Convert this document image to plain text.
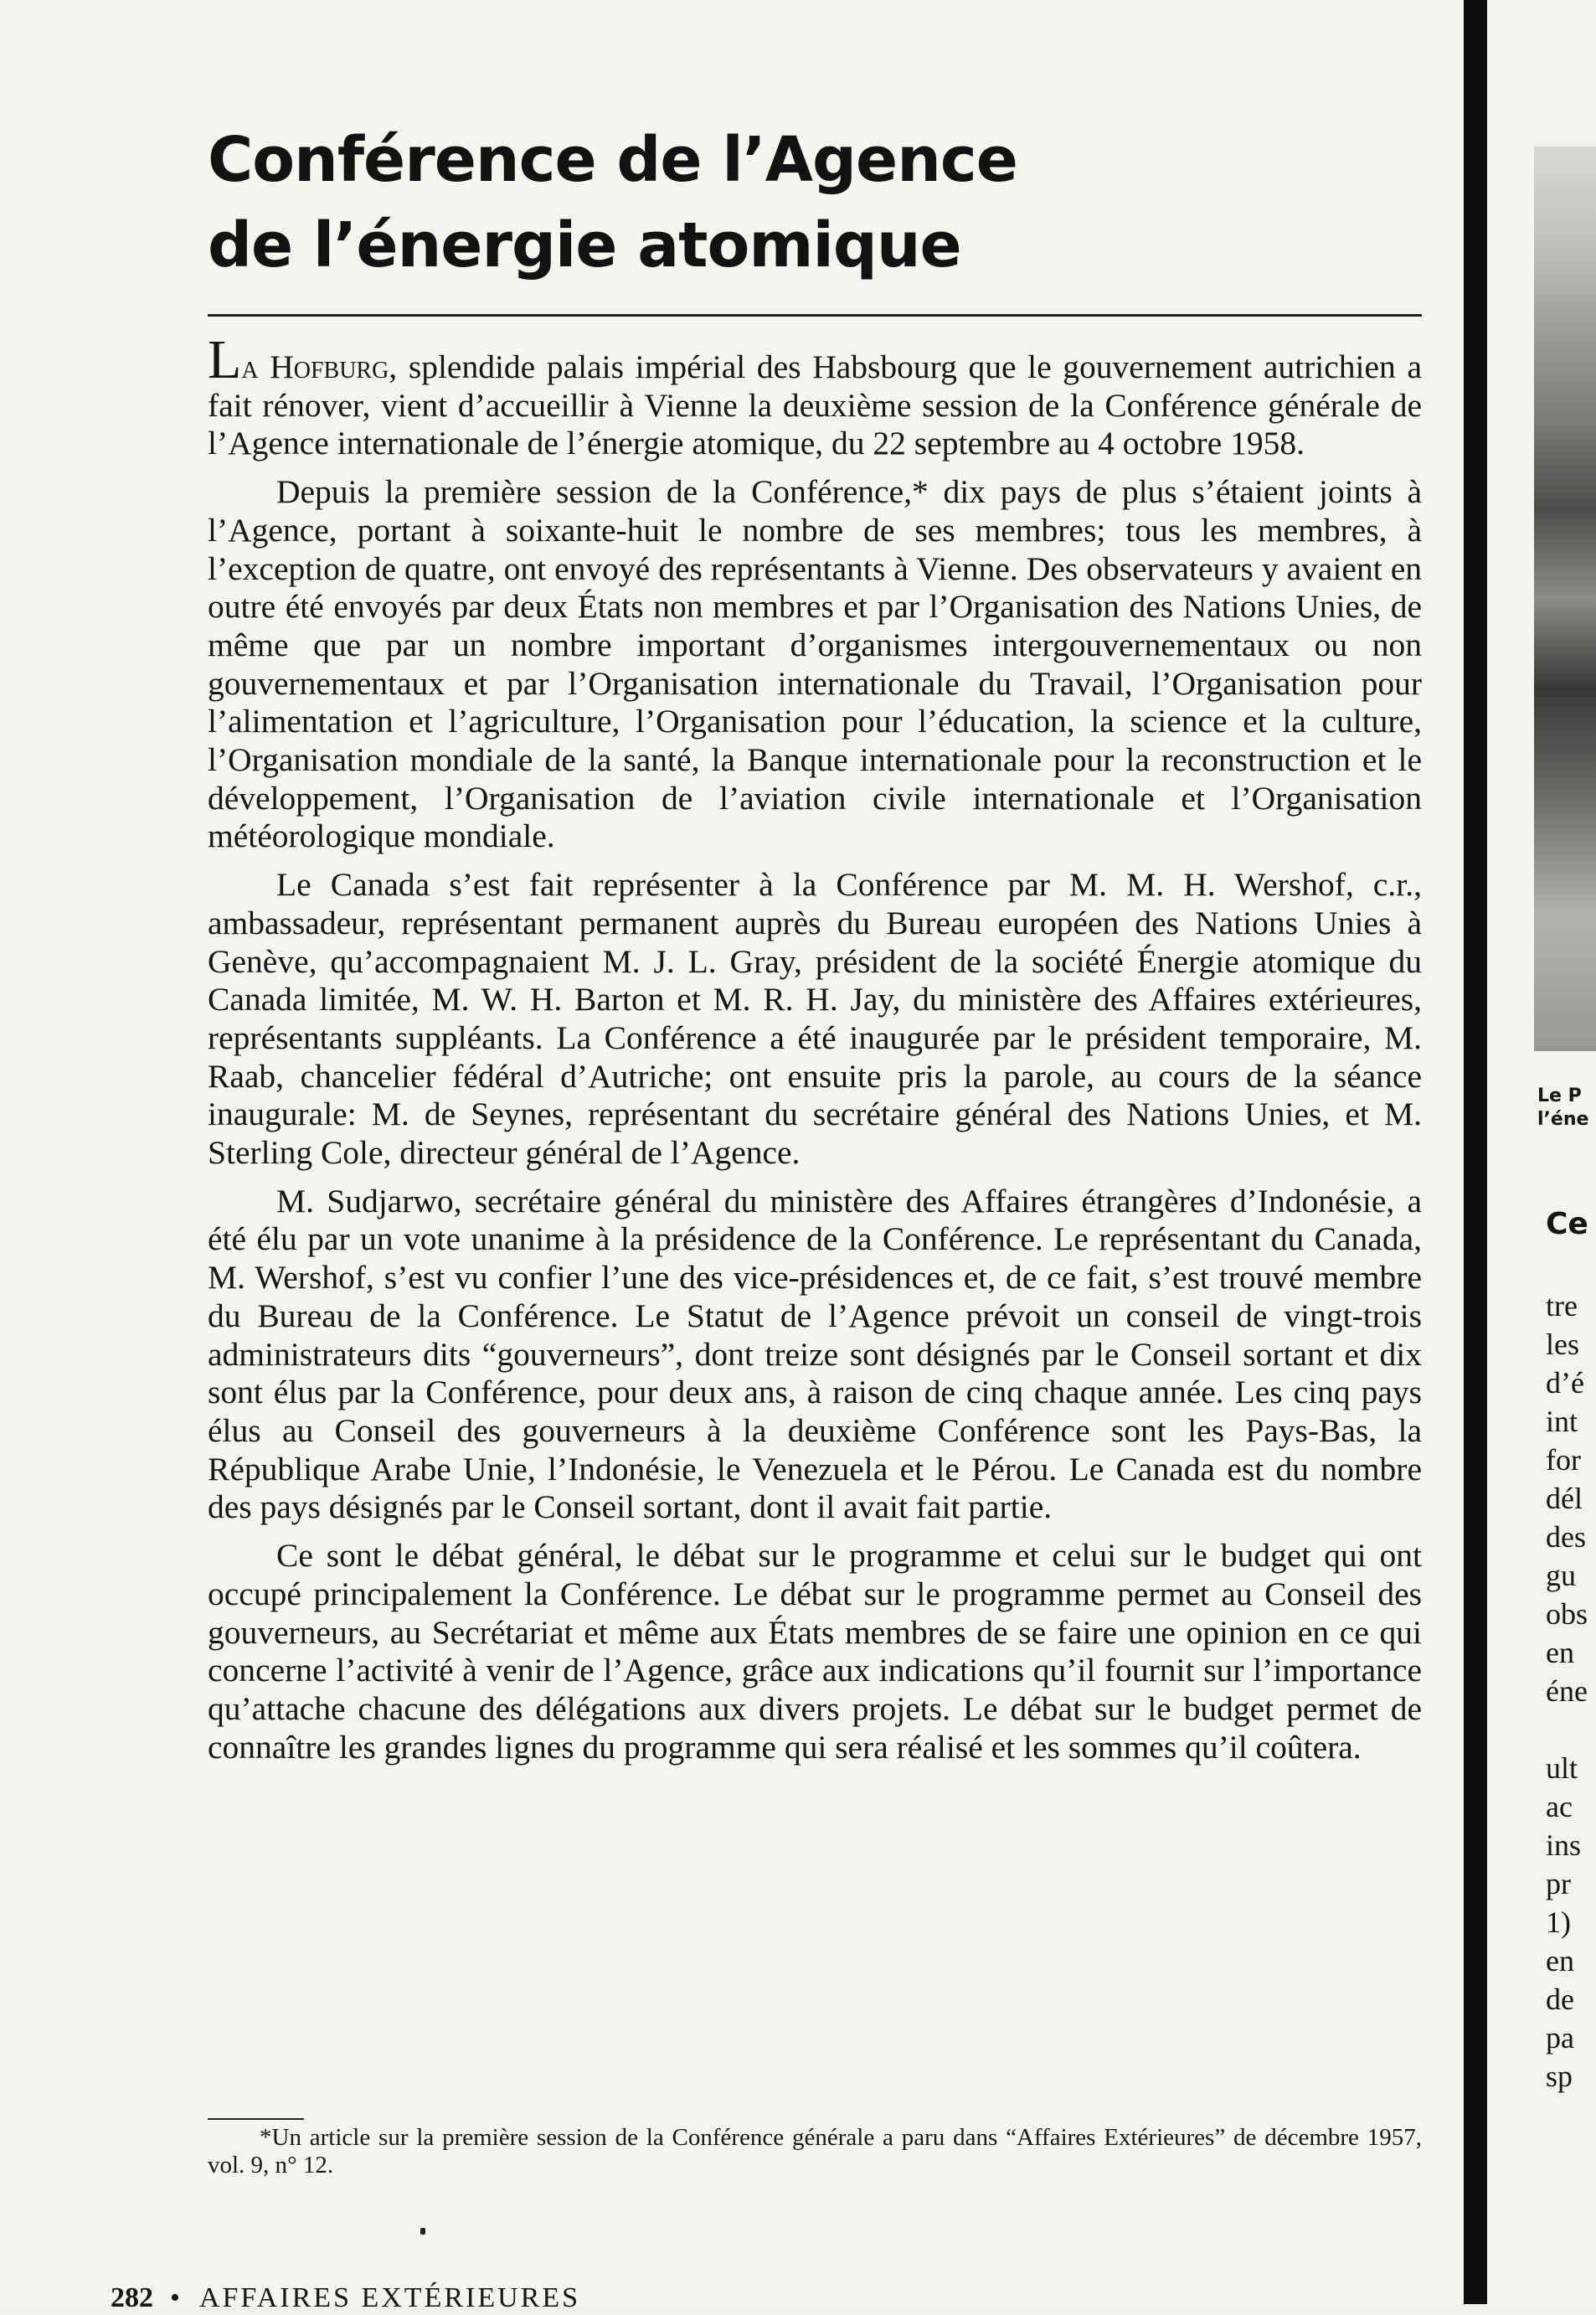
Conférence de l’Agence
de l’énergie atomique

La Hofburg, splendide palais impérial des Habsbourg que le gouvernement autrichien a fait rénover, vient d’accueillir à Vienne la deuxième session de la Conférence générale de l’Agence internationale de l’énergie atomique, du 22 septembre au 4 octobre 1958.

Depuis la première session de la Conférence,* dix pays de plus s’étaient joints à l’Agence, portant à soixante-huit le nombre de ses membres; tous les membres, à l’exception de quatre, ont envoyé des représentants à Vienne. Des observateurs y avaient en outre été envoyés par deux États non membres et par l’Organisation des Nations Unies, de même que par un nombre important d’organismes intergouvernementaux ou non gouvernementaux et par l’Organisation internationale du Travail, l’Organisation pour l’alimentation et l’agriculture, l’Organisation pour l’éducation, la science et la culture, l’Organisation mondiale de la santé, la Banque internationale pour la reconstruction et le développement, l’Organisation de l’aviation civile internationale et l’Organisation météorologique mondiale.

Le Canada s’est fait représenter à la Conférence par M. M. H. Wershof, c.r., ambassadeur, représentant permanent auprès du Bureau européen des Nations Unies à Genève, qu’accompagnaient M. J. L. Gray, président de la société Énergie atomique du Canada limitée, M. W. H. Barton et M. R. H. Jay, du ministère des Affaires extérieures, représentants suppléants. La Conférence a été inaugurée par le président temporaire, M. Raab, chancelier fédéral d’Autriche; ont ensuite pris la parole, au cours de la séance inaugurale: M. de Seynes, représentant du secrétaire général des Nations Unies, et M. Sterling Cole, directeur général de l’Agence.

M. Sudjarwo, secrétaire général du ministère des Affaires étrangères d’Indonésie, a été élu par un vote unanime à la présidence de la Conférence. Le représentant du Canada, M. Wershof, s’est vu confier l’une des vice-présidences et, de ce fait, s’est trouvé membre du Bureau de la Conférence. Le Statut de l’Agence prévoit un conseil de vingt-trois administrateurs dits “gouverneurs”, dont treize sont désignés par le Conseil sortant et dix sont élus par la Conférence, pour deux ans, à raison de cinq chaque année. Les cinq pays élus au Conseil des gouverneurs à la deuxième Conférence sont les Pays-Bas, la République Arabe Unie, l’Indonésie, le Venezuela et le Pérou. Le Canada est du nombre des pays désignés par le Conseil sortant, dont il avait fait partie.

Ce sont le débat général, le débat sur le programme et celui sur le budget qui ont occupé principalement la Conférence. Le débat sur le programme permet au Conseil des gouverneurs, au Secrétariat et même aux États membres de se faire une opinion en ce qui concerne l’activité à venir de l’Agence, grâce aux indications qu’il fournit sur l’importance qu’attache chacune des délégations aux divers projets. Le débat sur le budget permet de connaître les grandes lignes du programme qui sera réalisé et les sommes qu’il coûtera.

*Un article sur la première session de la Conférence générale a paru dans “Affaires Extérieures” de décembre 1957, vol. 9, n° 12.

282 • AFFAIRES EXTÉRIEURES
Le P
l’éne
Ce
tre
les
d’é
int
for
dél
des
gu
obs
en
éne

ult
ac
ins
pr
1)
en
de
pa
sp
